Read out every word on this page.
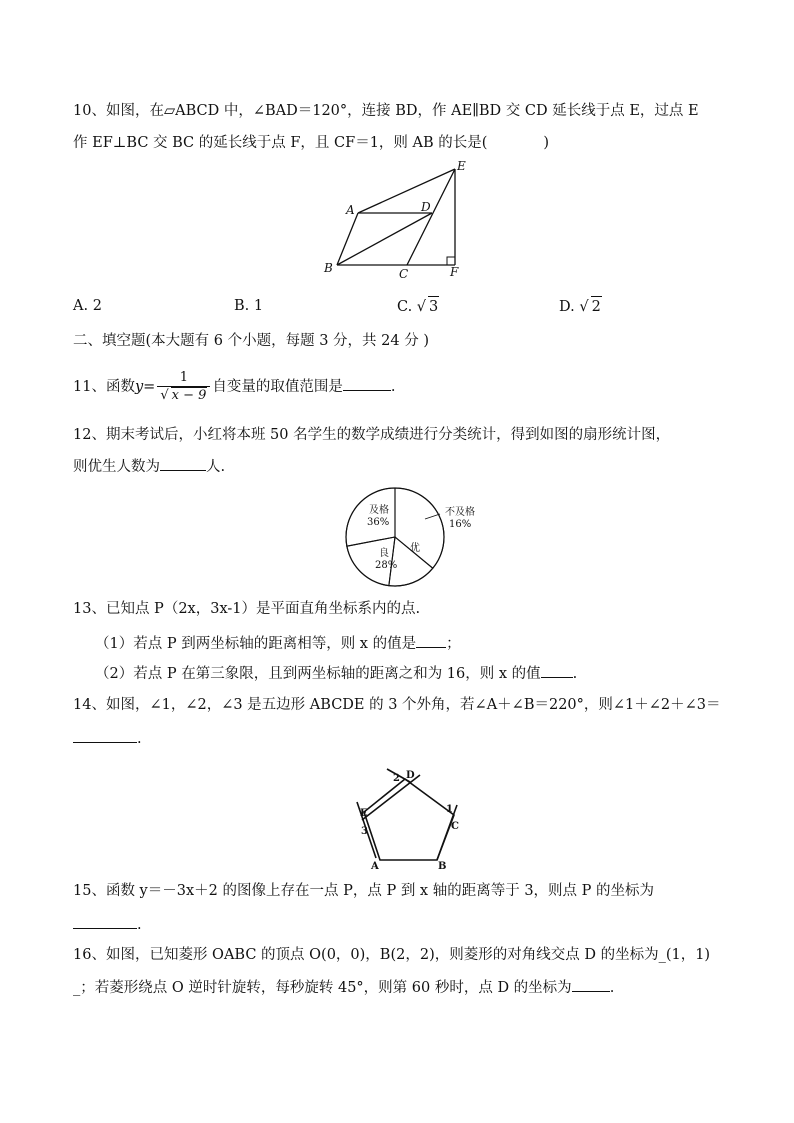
10、如图，在▱ABCD 中，∠BAD＝120°，连接 BD，作 AE∥BD 交 CD 延长线于点 E，过点 E
作 EF⊥BC 交 BC 的延长线于点 F，且 CF＝1，则 AB 的长是(	)
A
B	C
D
E
F
A. 2	B. 1	C. √ 3	D. √ 2
二、填空题(本大题有 6 个小题，每题 3 分，共 24 分 )
11、函数$y= \frac{1}{√ x - 9}$ 自变量的取值范围是	.
12、期末考试后，小红将本班 50 名学生的数学成绩进行分类统计，得到如图的扇形统计图，
则优生人数为	人.
及格
36%
不及格
16%
良
28%
优
13、已知点 P（2x，3x-1）是平面直角坐标系内的点.
（1）若点 P 到两坐标轴的距离相等，则 x 的值是 ；
（2）若点 P 在第三象限，且到两坐标轴的距离之和为 16，则 x 的值 .
14、如图，∠1，∠2，∠3 是五边形 ABCDE 的 3 个外角，若∠A＋∠B＝220°，则∠1＋∠2＋∠3＝
.
A	B
C
D
E	1
2
3
15、函数 y＝－3x＋2 的图像上存在一点 P，点 P 到 x 轴的距离等于 3，则点 P 的坐标为
.
16、如图，已知菱形 OABC 的顶点 O(0，0)，B(2，2)，则菱形的对角线交点 D 的坐标为_(1，1)
_；若菱形绕点 O 逆时针旋转，每秒旋转 45°，则第 60 秒时，点 D 的坐标为	.
